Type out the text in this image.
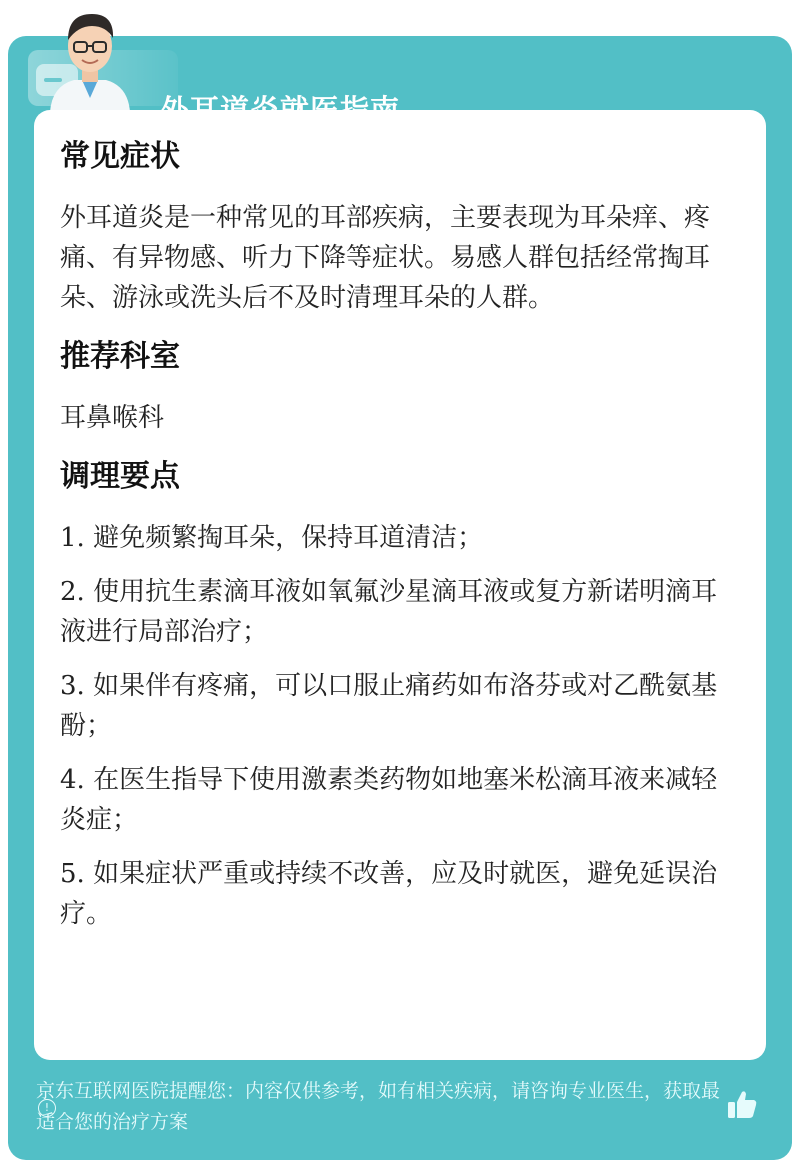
常见症状

外耳道炎是一种常见的耳部疾病，主要表现为耳朵痒、疼痛、有异物感、听力下降等症状。易感人群包括经常掏耳朵、游泳或洗头后不及时清理耳朵的人群。

推荐科室

耳鼻喉科

调理要点

1. 避免频繁掏耳朵，保持耳道清洁；

2. 使用抗生素滴耳液如氧氟沙星滴耳液或复方新诺明滴耳液进行局部治疗；

3. 如果伴有疼痛，可以口服止痛药如布洛芬或对乙酰氨基酚；

4. 在医生指导下使用激素类药物如地塞米松滴耳液来减轻炎症；

5. 如果症状严重或持续不改善，应及时就医，避免延误治疗。

!
京东互联网医院提醒您：内容仅供参考，如有相关疾病，请咨询专业医生，获取最适合您的治疗方案
